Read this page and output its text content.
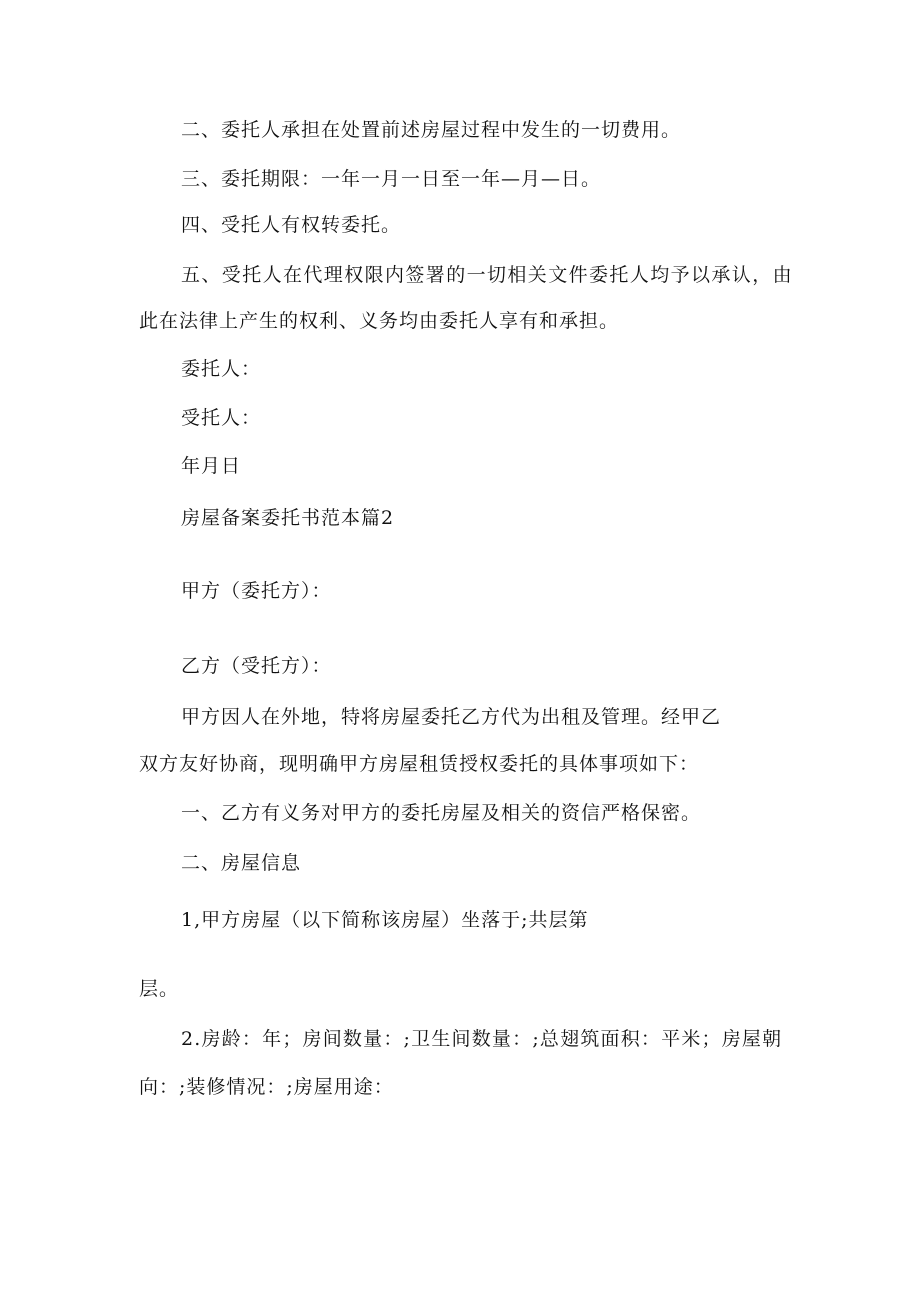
二、委托人承担在处置前述房屋过程中发生的一切费用。
三、委托期限：一年一月一日至一年—月—日。
四、受托人有权转委托。
五、受托人在代理权限内签署的一切相关文件委托人均予以承认，由
此在法律上产生的权利、义务均由委托人享有和承担。
委托人：
受托人：
年月日
房屋备案委托书范本篇2
甲方（委托方）：
乙方（受托方）：
甲方因人在外地，特将房屋委托乙方代为出租及管理。经甲乙
双方友好协商，现明确甲方房屋租赁授权委托的具体事项如下：
一、乙方有义务对甲方的委托房屋及相关的资信严格保密。
二、房屋信息
1,甲方房屋（以下简称该房屋）坐落于;共层第
层。
2.房龄：年；房间数量：;卫生间数量：;总翅筑面积：平米；房屋朝
向：;装修情况：;房屋用途：
